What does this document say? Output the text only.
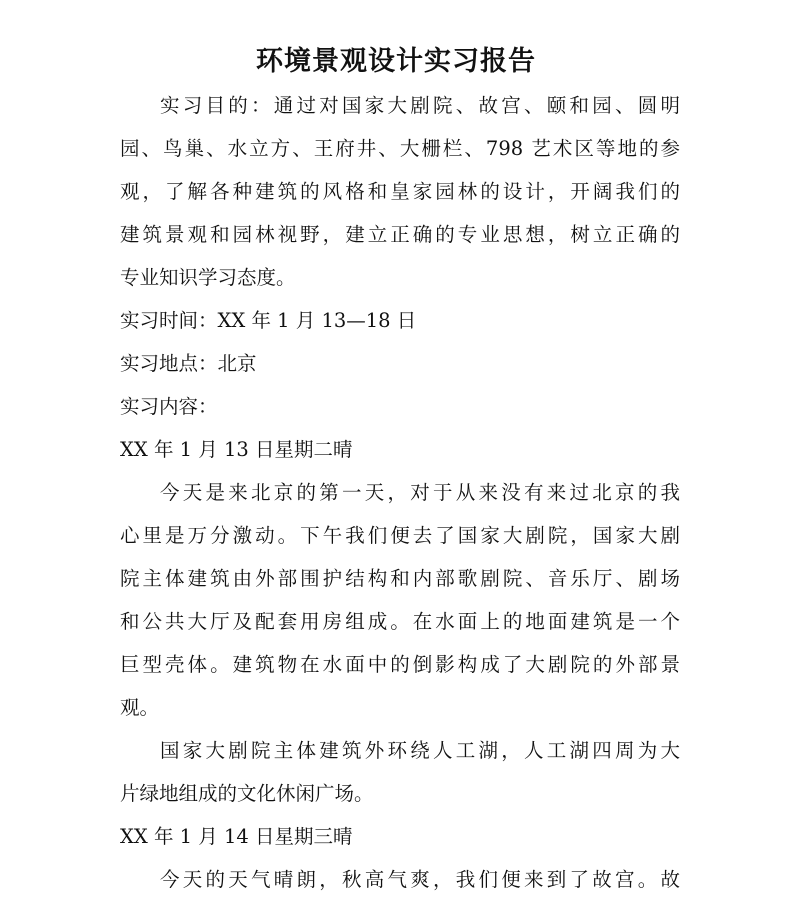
环境景观设计实习报告
实习目的：通过对国家大剧院、故宫、颐和园、圆明
园、鸟巢、水立方、王府井、大栅栏、798 艺术区等地的参
观，了解各种建筑的风格和皇家园林的设计，开阔我们的
建筑景观和园林视野，建立正确的专业思想，树立正确的
专业知识学习态度。
实习时间：XX 年 1 月 13—18 日
实习地点：北京
实习内容：
XX 年 1 月 13 日星期二晴
今天是来北京的第一天，对于从来没有来过北京的我
心里是万分激动。下午我们便去了国家大剧院，国家大剧
院主体建筑由外部围护结构和内部歌剧院、音乐厅、剧场
和公共大厅及配套用房组成。在水面上的地面建筑是一个
巨型壳体。建筑物在水面中的倒影构成了大剧院的外部景
观。
国家大剧院主体建筑外环绕人工湖，人工湖四周为大
片绿地组成的文化休闲广场。
XX 年 1 月 14 日星期三晴
今天的天气晴朗，秋高气爽，我们便来到了故宫。故
